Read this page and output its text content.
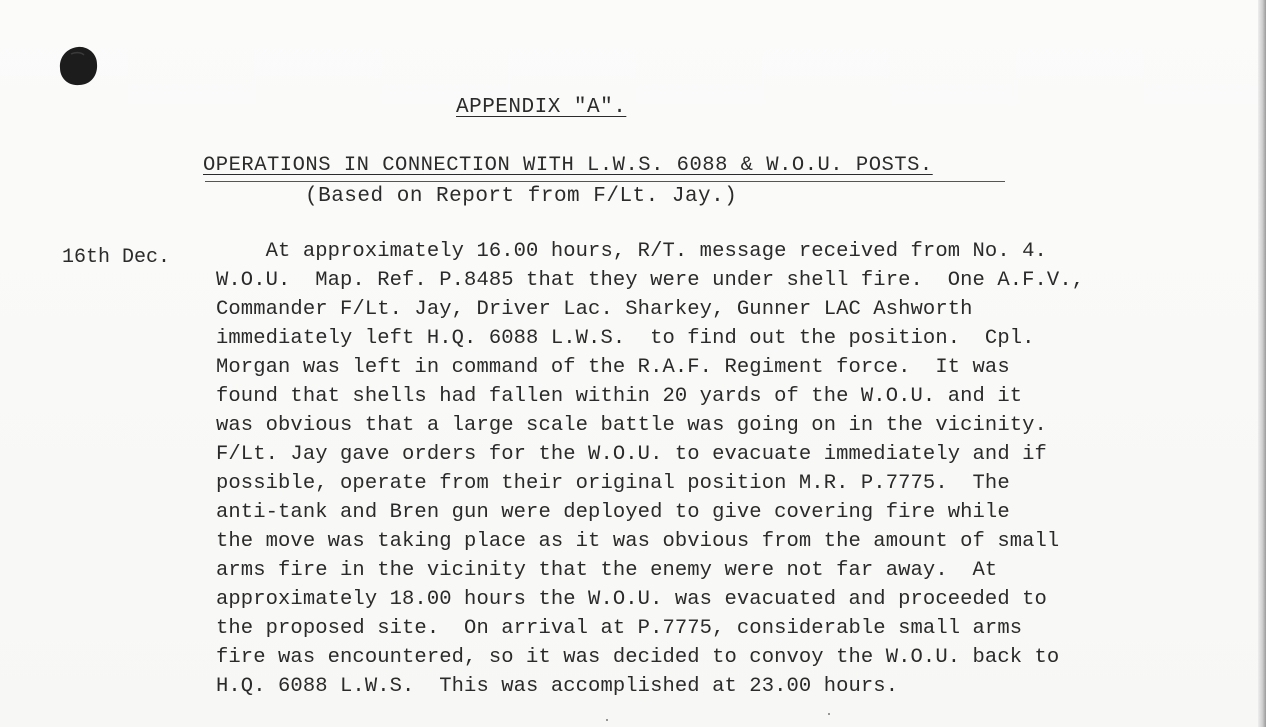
APPENDIX "A".
OPERATIONS IN CONNECTION WITH L.W.S. 6088 & W.O.U. POSTS.
(Based on Report from F/Lt. Jay.)
16th Dec. At approximately 16.00 hours, R/T. message received from No. 4.
W.O.U.  Map. Ref. P.8485 that they were under shell fire.  One A.F.V.,
Commander F/Lt. Jay, Driver Lac. Sharkey, Gunner LAC Ashworth
immediately left H.Q. 6088 L.W.S.  to find out the position.  Cpl.
Morgan was left in command of the R.A.F. Regiment force.  It was
found that shells had fallen within 20 yards of the W.O.U. and it
was obvious that a large scale battle was going on in the vicinity.
F/Lt. Jay gave orders for the W.O.U. to evacuate immediately and if
possible, operate from their original position M.R. P.7775.  The
anti-tank and Bren gun were deployed to give covering fire while
the move was taking place as it was obvious from the amount of small
arms fire in the vicinity that the enemy were not far away.  At
approximately 18.00 hours the W.O.U. was evacuated and proceeded to
the proposed site.  On arrival at P.7775, considerable small arms
fire was encountered, so it was decided to convoy the W.O.U. back to
H.Q. 6088 L.W.S.  This was accomplished at 23.00 hours.
